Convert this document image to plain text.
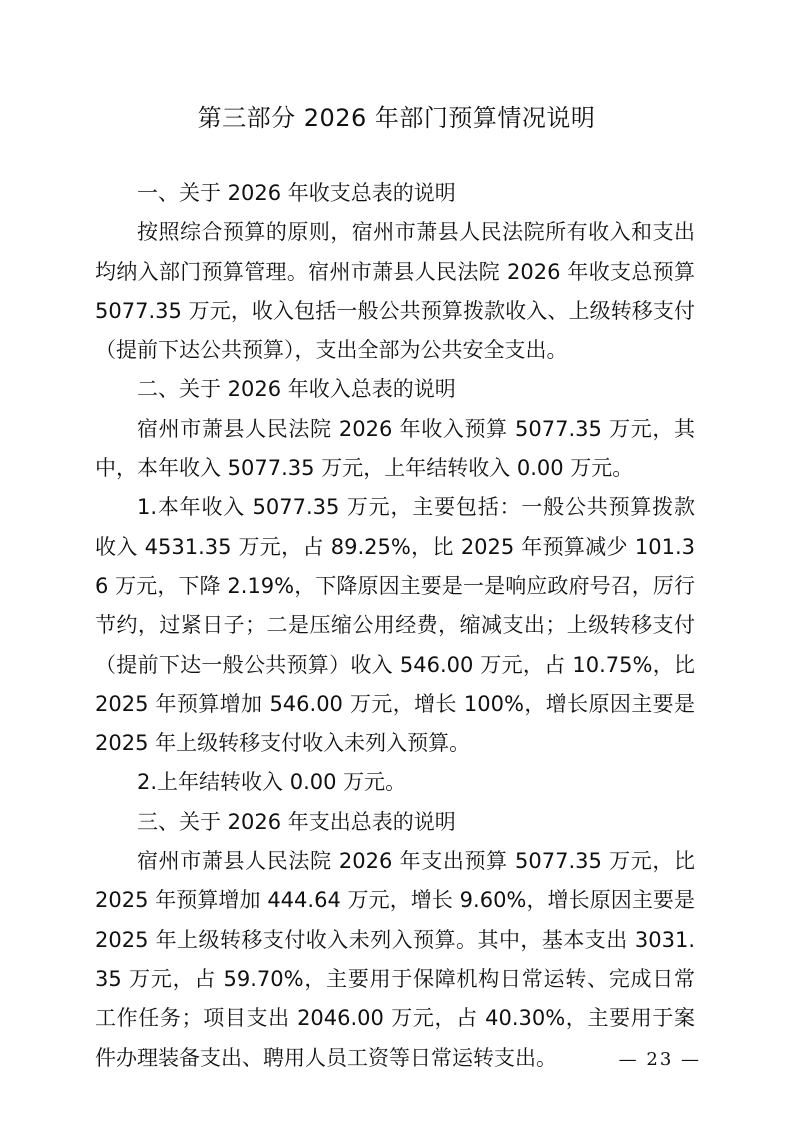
第三部分 2026 年部门预算情况说明

一、关于 2026 年收支总表的说明

按照综合预算的原则，宿州市萧县人民法院所有收入和支出均纳入部门预算管理。宿州市萧县人民法院 2026 年收支总预算 5077.35 万元，收入包括一般公共预算拨款收入、上级转移支付（提前下达公共预算），支出全部为公共安全支出。

二、关于 2026 年收入总表的说明

宿州市萧县人民法院 2026 年收入预算 5077.35 万元，其中，本年收入 5077.35 万元，上年结转收入 0.00 万元。

1.本年收入 5077.35 万元，主要包括：一般公共预算拨款收入 4531.35 万元，占 89.25%，比 2025 年预算减少 101.36 万元，下降 2.19%，下降原因主要是一是响应政府号召，厉行节约，过紧日子；二是压缩公用经费，缩减支出；上级转移支付（提前下达一般公共预算）收入 546.00 万元，占 10.75%，比 2025 年预算增加 546.00 万元，增长 100%，增长原因主要是 2025 年上级转移支付收入未列入预算。

2.上年结转收入 0.00 万元。

三、关于 2026 年支出总表的说明

宿州市萧县人民法院 2026 年支出预算 5077.35 万元，比 2025 年预算增加 444.64 万元，增长 9.60%，增长原因主要是 2025 年上级转移支付收入未列入预算。其中，基本支出 3031.35 万元，占 59.70%，主要用于保障机构日常运转、完成日常工作任务；项目支出 2046.00 万元，占 40.30%，主要用于案件办理装备支出、聘用人员工资等日常运转支出。	— 23 —
